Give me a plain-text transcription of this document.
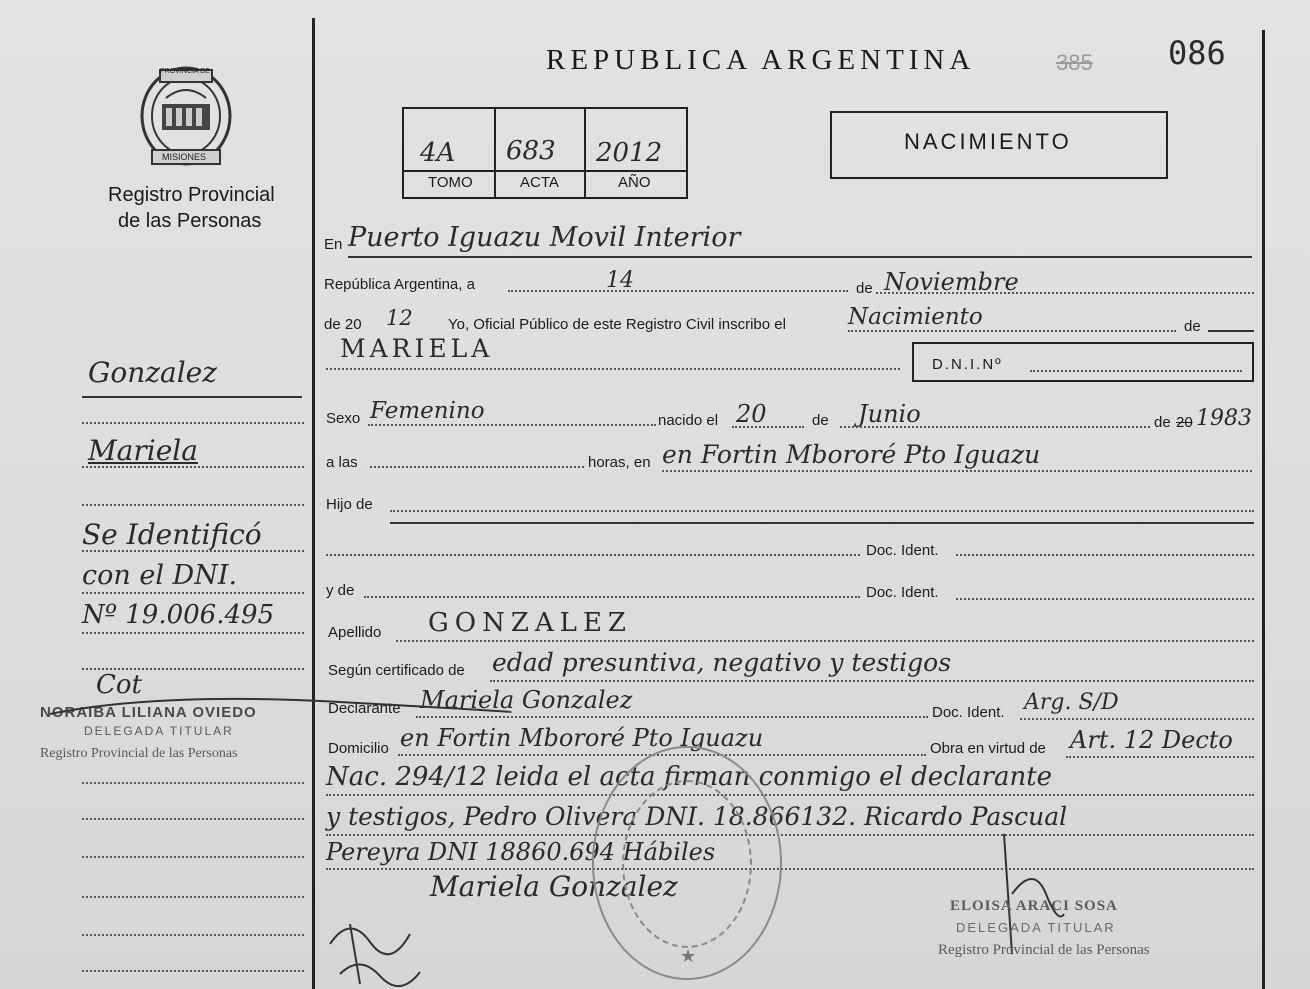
PROVINCIA DE
MISIONES
Registro Provincial
de las Personas
REPUBLICA ARGENTINA	385 086
4A 683 2012
TOMO	ACTA	AÑO
NACIMIENTO
En Puerto Iguazu Movil Interior
República Argentina, a	14	de Noviembre
de 20 12 Yo, Oficial Público de este Registro Civil inscribo el	Nacimiento	de
MARIELA
D.N.I.Nº
Sexo Femenino	nacido el 20	de Junio	de 20 1983
a las	horas, en en Fortin Mbororé Pto Iguazu
Hijo de
Doc. Ident.
y de	Doc. Ident.
Apellido GONZALEZ
Según certificado de edad presuntiva, negativo y testigos
Declarante Mariela Gonzalez	Doc. Ident. Arg. S/D
Domicilio en Fortin Mbororé Pto Iguazu	Obra en virtud de Art. 12 Decto
Nac. 294/12 leida el acta firman conmigo el declarante
y testigos, Pedro Olivera DNI. 18.866132. Ricardo Pascual
Pereyra DNI 18860.694 Hábiles
Mariela Gonzalez
Gonzalez
Mariela
Se Identificó
con el DNI.
Nº 19.006.495
Cot
NORAIBA LILIANA OVIEDO
DELEGADA TITULAR
Registro Provincial de las Personas
★
ELOISA ARACI SOSA
DELEGADA TITULAR
Registro Provincial de las Personas
